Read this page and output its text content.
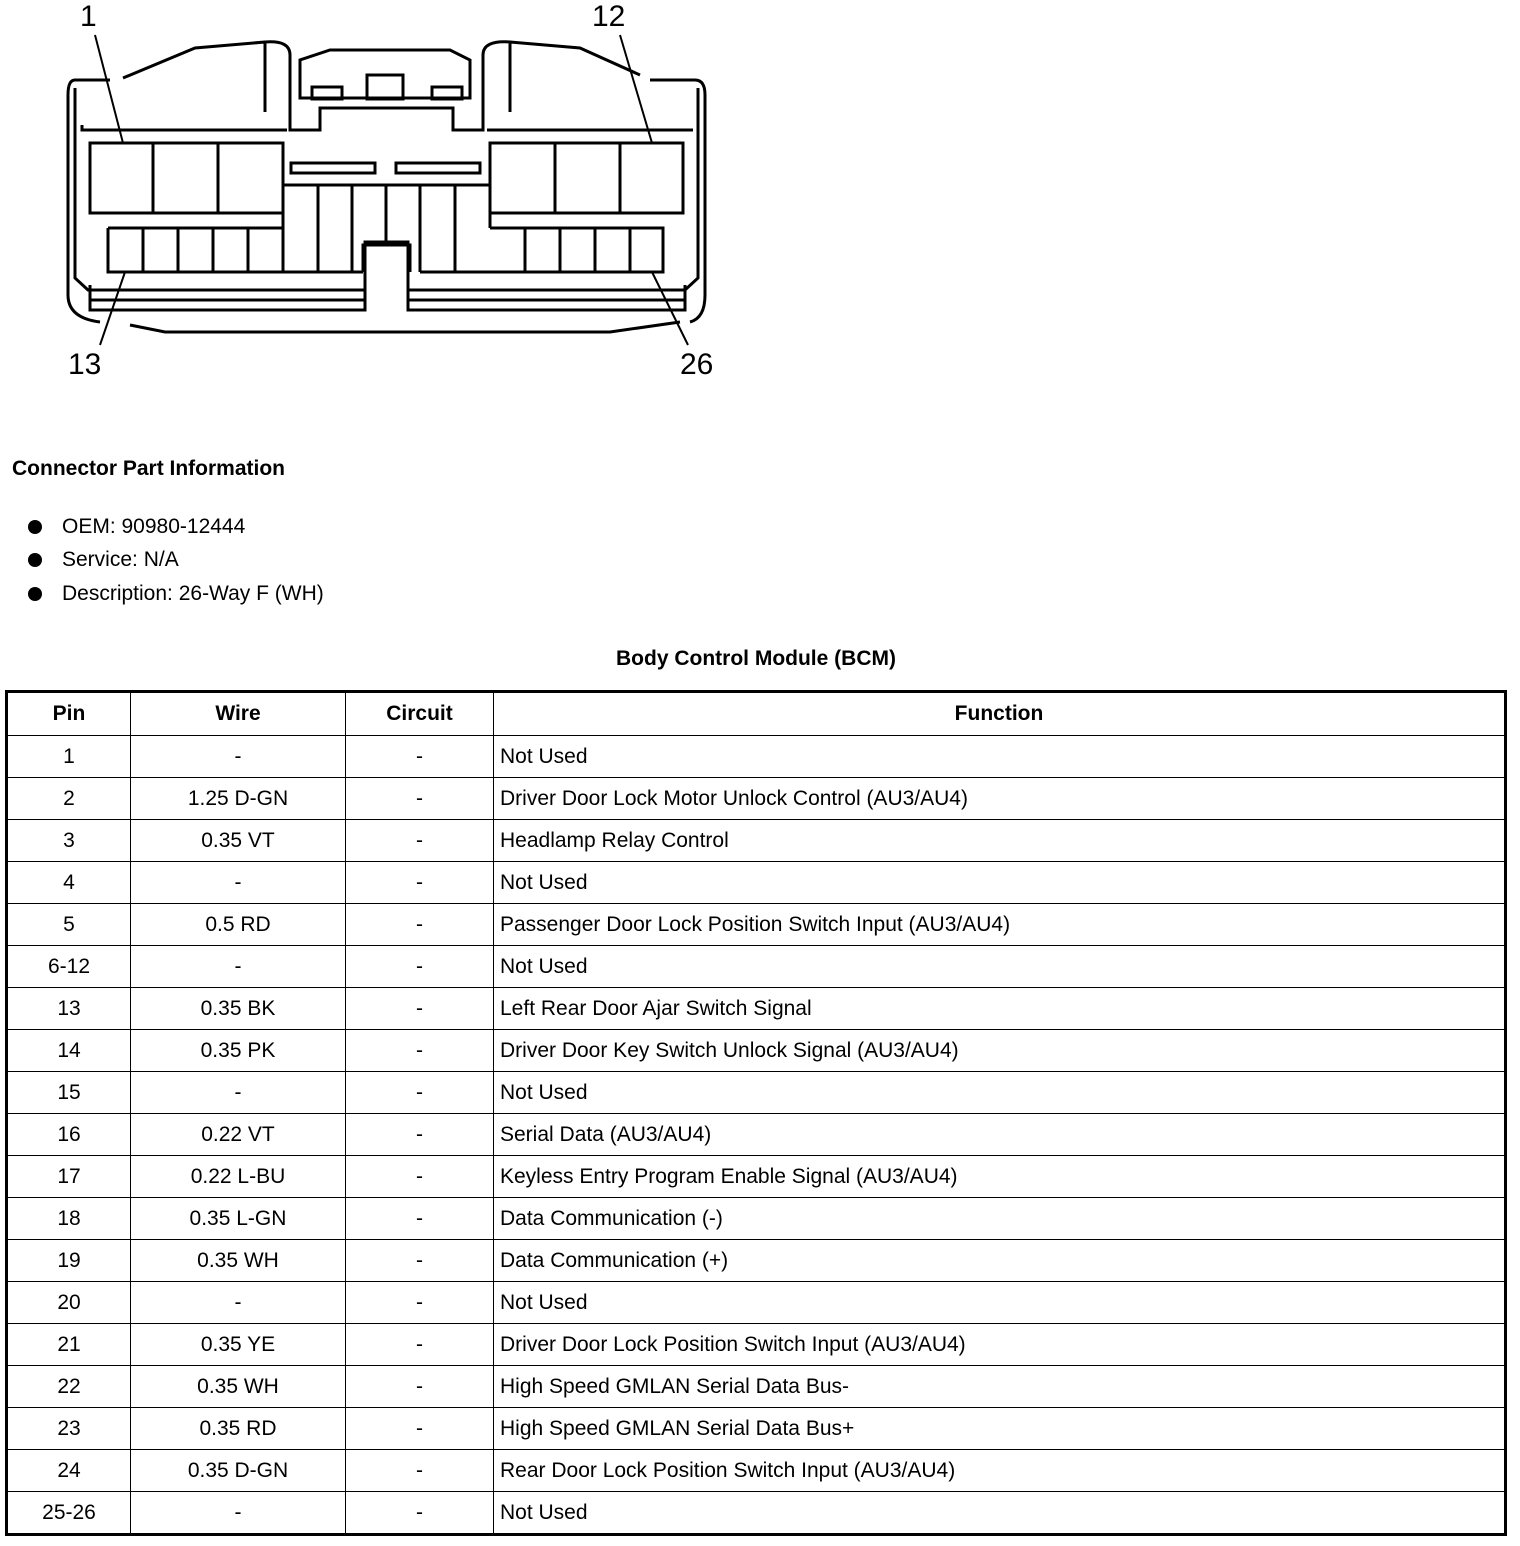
1	12
13	26
Connector Part Information
OEM: 90980-12444
Service: N/A
Description: 26-Way F (WH)
Body Control Module (BCM)
Pin	Wire	Circuit	Function
1	-	-	Not Used
2	1.25 D-GN	-	Driver Door Lock Motor Unlock Control (AU3/AU4)
3	0.35 VT	-	Headlamp Relay Control
4	-	-	Not Used
5	0.5 RD	-	Passenger Door Lock Position Switch Input (AU3/AU4)
6-12	-	-	Not Used
13	0.35 BK	-	Left Rear Door Ajar Switch Signal
14	0.35 PK	-	Driver Door Key Switch Unlock Signal (AU3/AU4)
15	-	-	Not Used
16	0.22 VT	-	Serial Data (AU3/AU4)
17	0.22 L-BU	-	Keyless Entry Program Enable Signal (AU3/AU4)
18	0.35 L-GN	-	Data Communication (-)
19	0.35 WH	-	Data Communication (+)
20	-	-	Not Used
21	0.35 YE	-	Driver Door Lock Position Switch Input (AU3/AU4)
22	0.35 WH	-	High Speed GMLAN Serial Data Bus-
23	0.35 RD	-	High Speed GMLAN Serial Data Bus+
24	0.35 D-GN	-	Rear Door Lock Position Switch Input (AU3/AU4)
25-26	-	-	Not Used
